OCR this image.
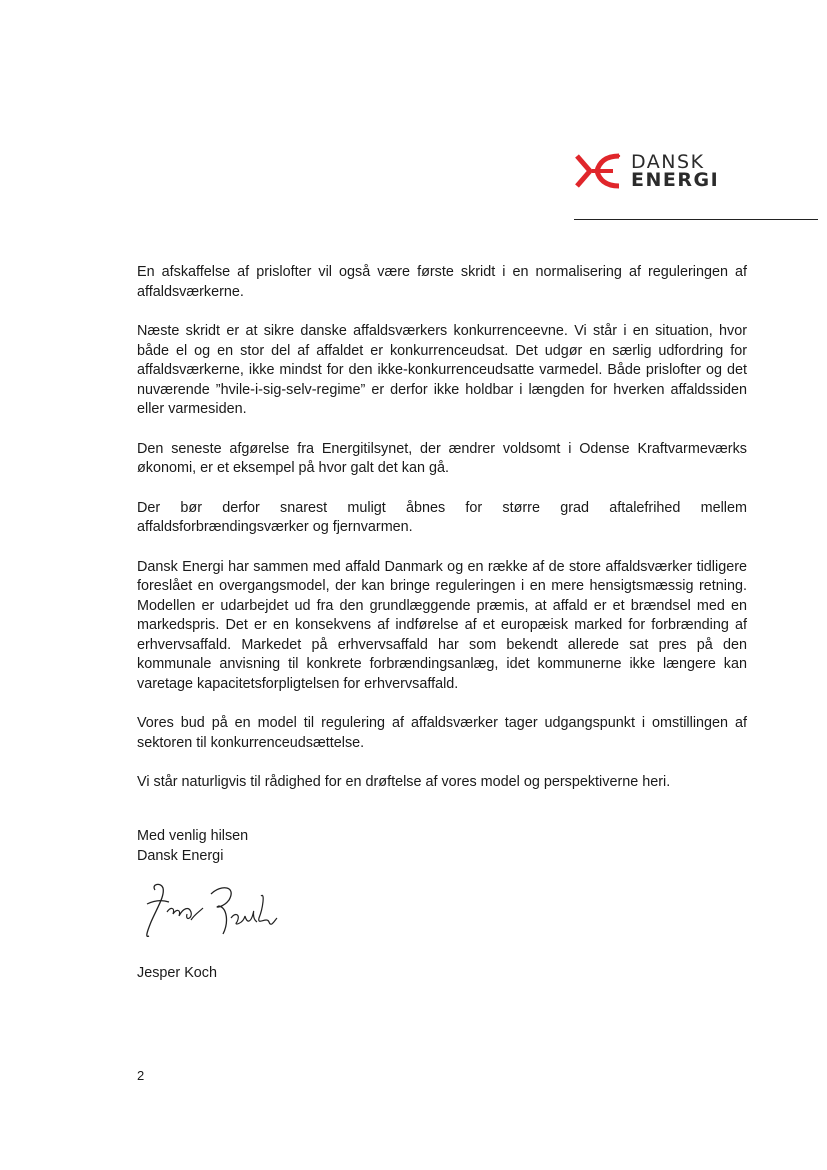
DANSK
ENERGI

En afskaffelse af prislofter vil også være første skridt i en normalisering af reguleringen af affaldsværkerne.

Næste skridt er at sikre danske affaldsværkers konkurrenceevne. Vi står i en situation, hvor både el og en stor del af affaldet er konkurrenceudsat. Det udgør en særlig udfordring for affaldsværkerne, ikke mindst for den ikke-konkurrenceudsatte varmedel. Både prislofter og det nuværende ”hvile-i-sig-selv-regime” er derfor ikke holdbar i længden for hverken affaldssiden eller varmesiden.

Den seneste afgørelse fra Energitilsynet, der ændrer voldsomt i Odense Kraftvarmeværks økonomi, er et eksempel på hvor galt det kan gå.

Der bør derfor snarest muligt åbnes for større grad aftalefrihed mellem affaldsforbrændingsværker og fjernvarmen.

Dansk Energi har sammen med affald Danmark og en række af de store affaldsværker tidligere foreslået en overgangsmodel, der kan bringe reguleringen i en mere hensigtsmæssig retning. Modellen er udarbejdet ud fra den grundlæggende præmis, at affald er et brændsel med en markedspris. Det er en konsekvens af indførelse af et europæisk marked for forbrænding af erhvervsaffald. Markedet på erhvervsaffald har som bekendt allerede sat pres på den kommunale anvisning til konkrete forbrændingsanlæg, idet kommunerne ikke længere kan varetage kapacitetsforpligtelsen for erhvervsaffald.

Vores bud på en model til regulering af affaldsværker tager udgangspunkt i omstillingen af sektoren til konkurrenceudsættelse.

Vi står naturligvis til rådighed for en drøftelse af vores model og perspektiverne heri.

Med venlig hilsen
Dansk Energi
Jesper Koch
2
